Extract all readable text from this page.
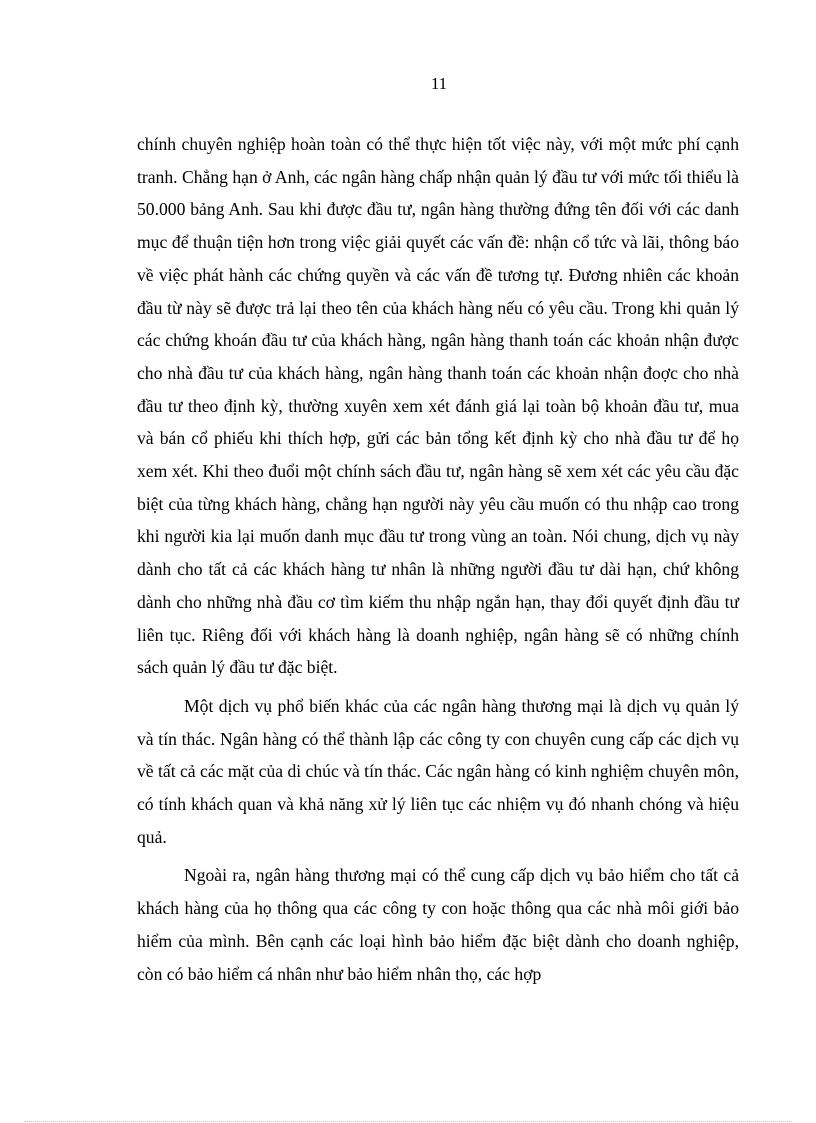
11

chính chuyên nghiệp hoàn toàn có thể thực hiện tốt việc này, với một mức phí cạnh tranh. Chẳng hạn ở Anh, các ngân hàng chấp nhận quản lý đầu tư với mức tối thiểu là 50.000 bảng Anh. Sau khi được đầu tư, ngân hàng thường đứng tên đối với các danh mục để thuận tiện hơn trong việc giải quyết các vấn đề: nhận cổ tức và lãi, thông báo về việc phát hành các chứng quyền và các vấn đề tương tự. Đương nhiên các khoản đầu từ này sẽ được trả lại theo tên của khách hàng nếu có yêu cầu. Trong khi quản lý các chứng khoán đầu tư của khách hàng, ngân hàng thanh toán các khoản nhận được cho nhà đầu tư của khách hàng, ngân hàng thanh toán các khoản nhận đoợc cho nhà đầu tư theo định kỳ, thường xuyên xem xét đánh giá lại toàn bộ khoản đầu tư, mua và bán cổ phiếu khi thích hợp, gửi các bản tổng kết định kỳ cho nhà đầu tư để họ xem xét. Khi theo đuổi một chính sách đầu tư, ngân hàng sẽ xem xét các yêu cầu đặc biệt của từng khách hàng, chẳng hạn người này yêu cầu muốn có thu nhập cao trong khi người kia lại muốn danh mục đầu tư trong vùng an toàn. Nói chung, dịch vụ này dành cho tất cả các khách hàng tư nhân là những người đầu tư dài hạn, chứ không dành cho những nhà đầu cơ tìm kiếm thu nhập ngắn hạn, thay đổi quyết định đầu tư liên tục. Riêng đối với khách hàng là doanh nghiệp, ngân hàng sẽ có những chính sách quản lý đầu tư đặc biệt.

Một dịch vụ phổ biến khác của các ngân hàng thương mại là dịch vụ quản lý và tín thác. Ngân hàng có thể thành lập các công ty con chuyên cung cấp các dịch vụ về tất cả các mặt của di chúc và tín thác. Các ngân hàng có kinh nghiệm chuyên môn, có tính khách quan và khả năng xử lý liên tục các nhiệm vụ đó nhanh chóng và hiệu quả.

Ngoài ra, ngân hàng thương mại có thể cung cấp dịch vụ bảo hiểm cho tất cả khách hàng của họ thông qua các công ty con hoặc thông qua các nhà môi giới bảo hiểm của mình. Bên cạnh các loại hình bảo hiểm đặc biệt dành cho doanh nghiệp, còn có bảo hiểm cá nhân như bảo hiểm nhân thọ, các hợp
